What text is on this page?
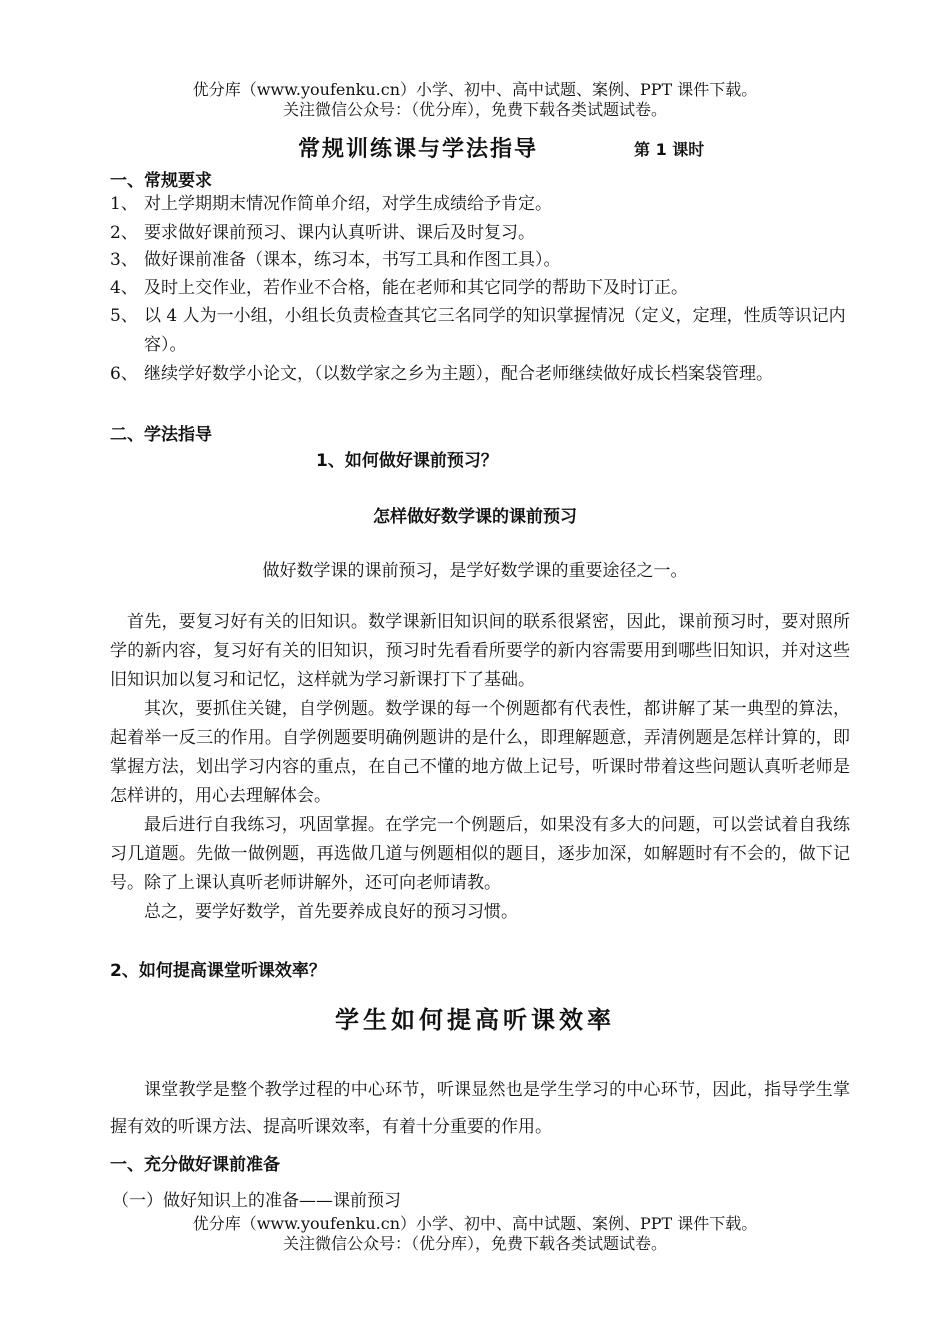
优分库（www.youfenku.cn）小学、初中、高中试题、案例、PPT 课件下载。
关注微信公众号：（优分库），免费下载各类试题试卷。
常规训练课与学法指导	第 1 课时
一、常规要求
1、 对上学期期末情况作简单介绍，对学生成绩给予肯定。
2、 要求做好课前预习、课内认真听讲、课后及时复习。
3、 做好课前准备（课本，练习本，书写工具和作图工具）。
4、 及时上交作业，若作业不合格，能在老师和其它同学的帮助下及时订正。
5、 以 4 人为一小组，小组长负责检查其它三名同学的知识掌握情况（定义，定理，性质等识记内容）。
6、 继续学好数学小论文，（以数学家之乡为主题），配合老师继续做好成长档案袋管理。
二、学法指导
1、如何做好课前预习？
怎样做好数学课的课前预习
做好数学课的课前预习，是学好数学课的重要途径之一。
首先，要复习好有关的旧知识。数学课新旧知识间的联系很紧密，因此，课前预习时，要对照所学的新内容，复习好有关的旧知识，预习时先看看所要学的新内容需要用到哪些旧知识，并对这些旧知识加以复习和记忆，这样就为学习新课打下了基础。
其次，要抓住关键，自学例题。数学课的每一个例题都有代表性，都讲解了某一典型的算法，起着举一反三的作用。自学例题要明确例题讲的是什么，即理解题意，弄清例题是怎样计算的，即掌握方法，划出学习内容的重点，在自己不懂的地方做上记号，听课时带着这些问题认真听老师是怎样讲的，用心去理解体会。
最后进行自我练习，巩固掌握。在学完一个例题后，如果没有多大的问题，可以尝试着自我练习几道题。先做一做例题，再选做几道与例题相似的题目，逐步加深，如解题时有不会的，做下记号。除了上课认真听老师讲解外，还可向老师请教。
总之，要学好数学，首先要养成良好的预习习惯。
2、如何提高课堂听课效率？
学生如何提高听课效率
课堂教学是整个教学过程的中心环节，听课显然也是学生学习的中心环节，因此，指导学生掌握有效的听课方法、提高听课效率，有着十分重要的作用。
一、充分做好课前准备
（一）做好知识上的准备——课前预习
优分库（www.youfenku.cn）小学、初中、高中试题、案例、PPT 课件下载。
关注微信公众号：（优分库），免费下载各类试题试卷。
